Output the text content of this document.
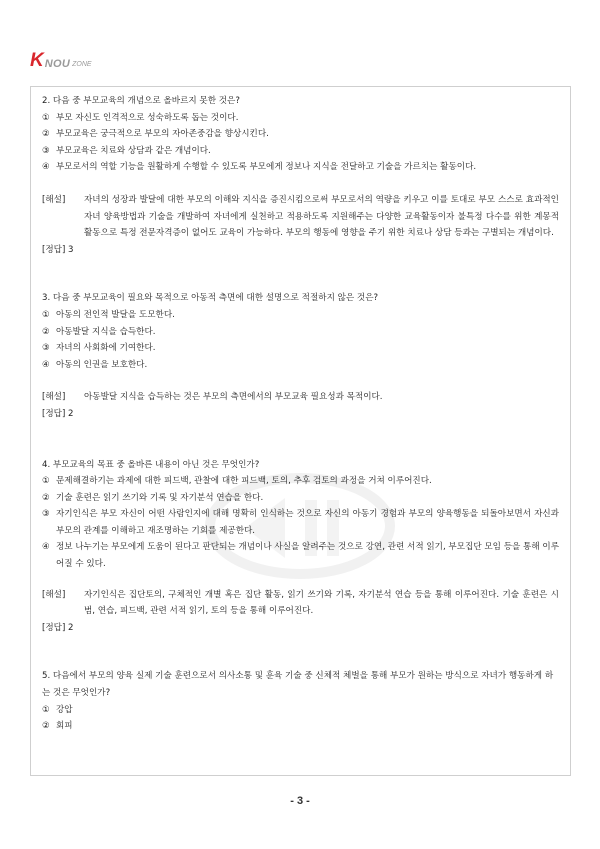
K NOU ZONE

2. 다음 중 부모교육의 개념으로 올바르지 못한 것은?

① 부모 자신도 인격적으로 성숙하도록 돕는 것이다.
② 부모교육은 궁극적으로 부모의 자아존중감을 향상시킨다.
③ 부모교육은 치료와 상담과 같은 개념이다.
④ 부모로서의 역할 기능을 원활하게 수행할 수 있도록 부모에게 정보나 지식을 전달하고 기술을 가르치는 활동이다.
[해설]	자녀의 성장과 발달에 대한 부모의 이해와 지식을 증진시킴으로써 부모로서의 역량을 키우고 이를 토대로 부모 스스로 효과적인 자녀 양육방법과 기술을 개발하여 자녀에게 실천하고 적용하도록 지원해주는 다양한 교육활동이자 불특정 다수를 위한 계몽적 활동으로 특정 전문자격증이 없어도 교육이 가능하다. 부모의 행동에 영향을 주기 위한 치료나 상담 등과는 구별되는 개념이다.

[정답] 3

3. 다음 중 부모교육이 필요와 목적으로 아동적 측면에 대한 설명으로 적절하지 않은 것은?

① 아동의 전인적 발달을 도모한다.
② 아동발달 지식을 습득한다.
③ 자녀의 사회화에 기여한다.
④ 아동의 인권을 보호한다.
[해설]	아동발달 지식을 습득하는 것은 부모의 측면에서의 부모교육 필요성과 목적이다.

[정답] 2

4. 부모교육의 목표 중 올바른 내용이 아닌 것은 무엇인가?

① 문제해결하기는 과제에 대한 피드백, 관찰에 대한 피드백, 토의, 추후 검토의 과정을 거쳐 이루어진다.
② 기술 훈련은 읽기 쓰기와 기록 및 자기분석 연습을 한다.
③ 자기인식은 부모 자신이 어떤 사람인지에 대해 명확히 인식하는 것으로 자신의 아동기 경험과 부모의 양육행동을 되돌아보면서 자신과 부모의 관계를 이해하고 재조명하는 기회를 제공한다.
④ 정보 나누기는 부모에게 도움이 된다고 판단되는 개념이나 사실을 알려주는 것으로 강연, 관련 서적 읽기, 부모집단 모임 등을 통해 이루어질 수 있다.
[해설]	자기인식은 집단토의, 구체적인 개별 혹은 집단 활동, 읽기 쓰기와 기록, 자기분석 연습 등을 통해 이루어진다. 기술 훈련은 시범, 연습, 피드백, 관련 서적 읽기, 토의 등을 통해 이루어진다.

[정답] 2

5. 다음에서 부모의 양육 실제 기술 훈련으로서 의사소통 및 훈육 기술 중 신체적 체벌을 통해 부모가 원하는 방식으로 자녀가 행동하게 하는 것은 무엇인가?

① 강압
② 회피
- 3 -
